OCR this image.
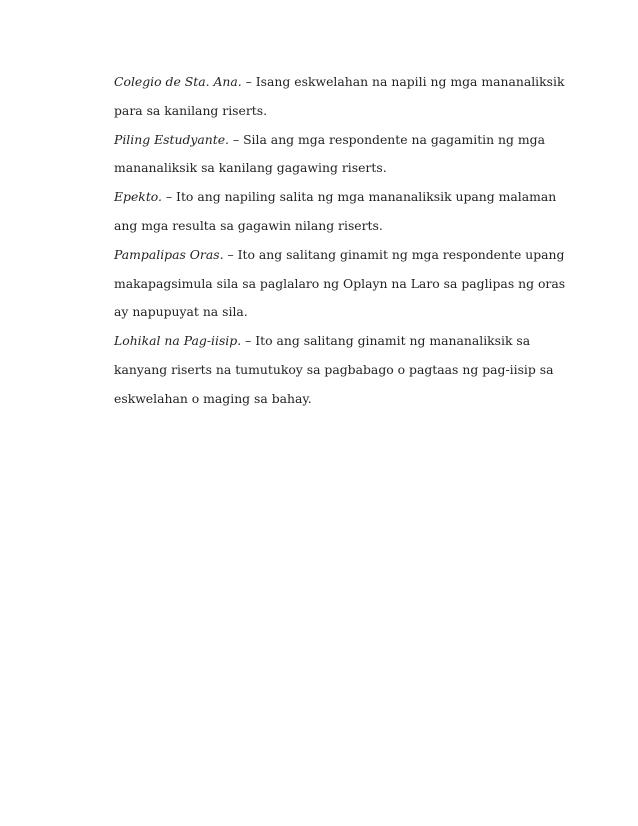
Colegio de Sta. Ana. – Isang eskwelahan na napili ng mga mananaliksik para sa kanilang riserts.

Piling Estudyante. – Sila ang mga respondente na gagamitin ng mga mananaliksik sa kanilang gagawing riserts.

Epekto. – Ito ang napiling salita ng mga mananaliksik upang malaman ang mga resulta sa gagawin nilang riserts.

Pampalipas Oras. – Ito ang salitang ginamit ng mga respondente upang makapagsimula sila sa paglalaro ng Oplayn na Laro sa paglipas ng oras ay napupuyat na sila.

Lohikal na Pag-iisip. – Ito ang salitang ginamit ng mananaliksik sa kanyang riserts na tumutukoy sa pagbabago o pagtaas ng pag-iisip sa eskwelahan o maging sa bahay.
